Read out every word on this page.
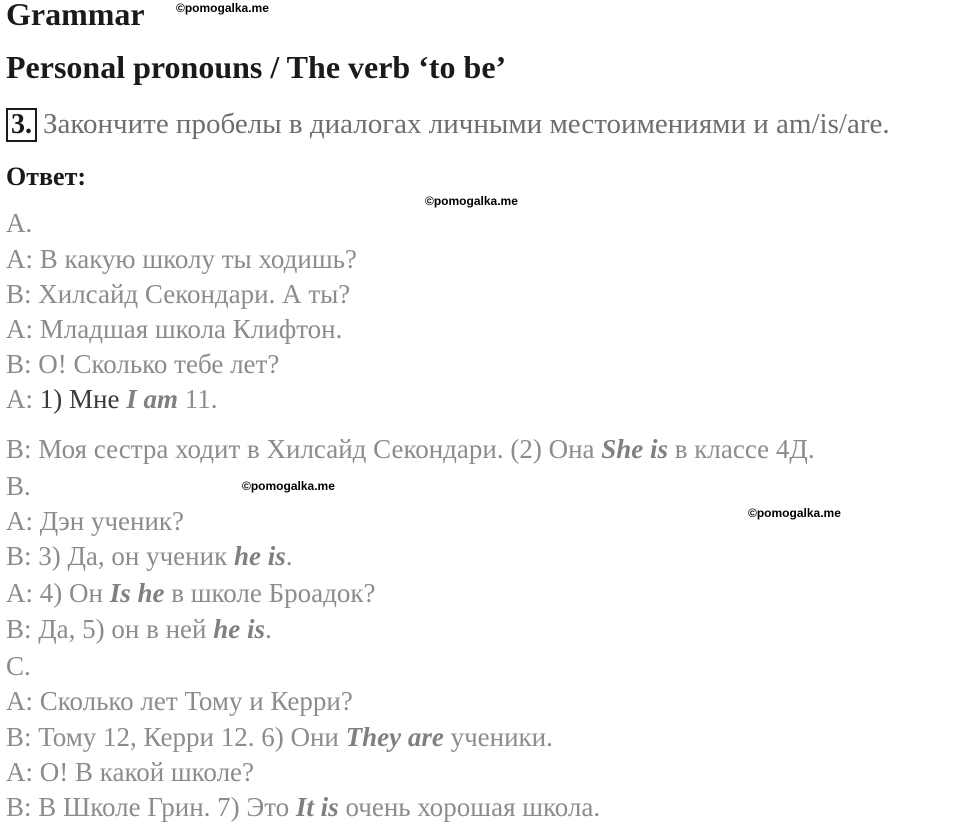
Grammar	©pomogalka.me
Personal pronouns / The verb ‘to be’
3. Закончите пробелы в диалогах личными местоимениями и am/is/are.
Ответ:
©pomogalka.me
©pomogalka.me
©pomogalka.me
А.
А: В какую школу ты ходишь?
В: Хилсайд Секондари. А ты?
А: Младшая школа Клифтон.
В: О! Сколько тебе лет?
А: 1) Мне I am 11.
В: Моя сестра ходит в Хилсайд Секондари. (2) Она She is в классе 4Д.
В.
А: Дэн ученик?
В: 3) Да, он ученик he is.
А: 4) Он Is he в школе Броадок?
В: Да, 5) он в ней he is.
С.
А: Сколько лет Тому и Керри?
В: Тому 12, Керри 12. 6) Они They are ученики.
А: О! В какой школе?
В: В Школе Грин. 7) Это It is очень хорошая школа.
